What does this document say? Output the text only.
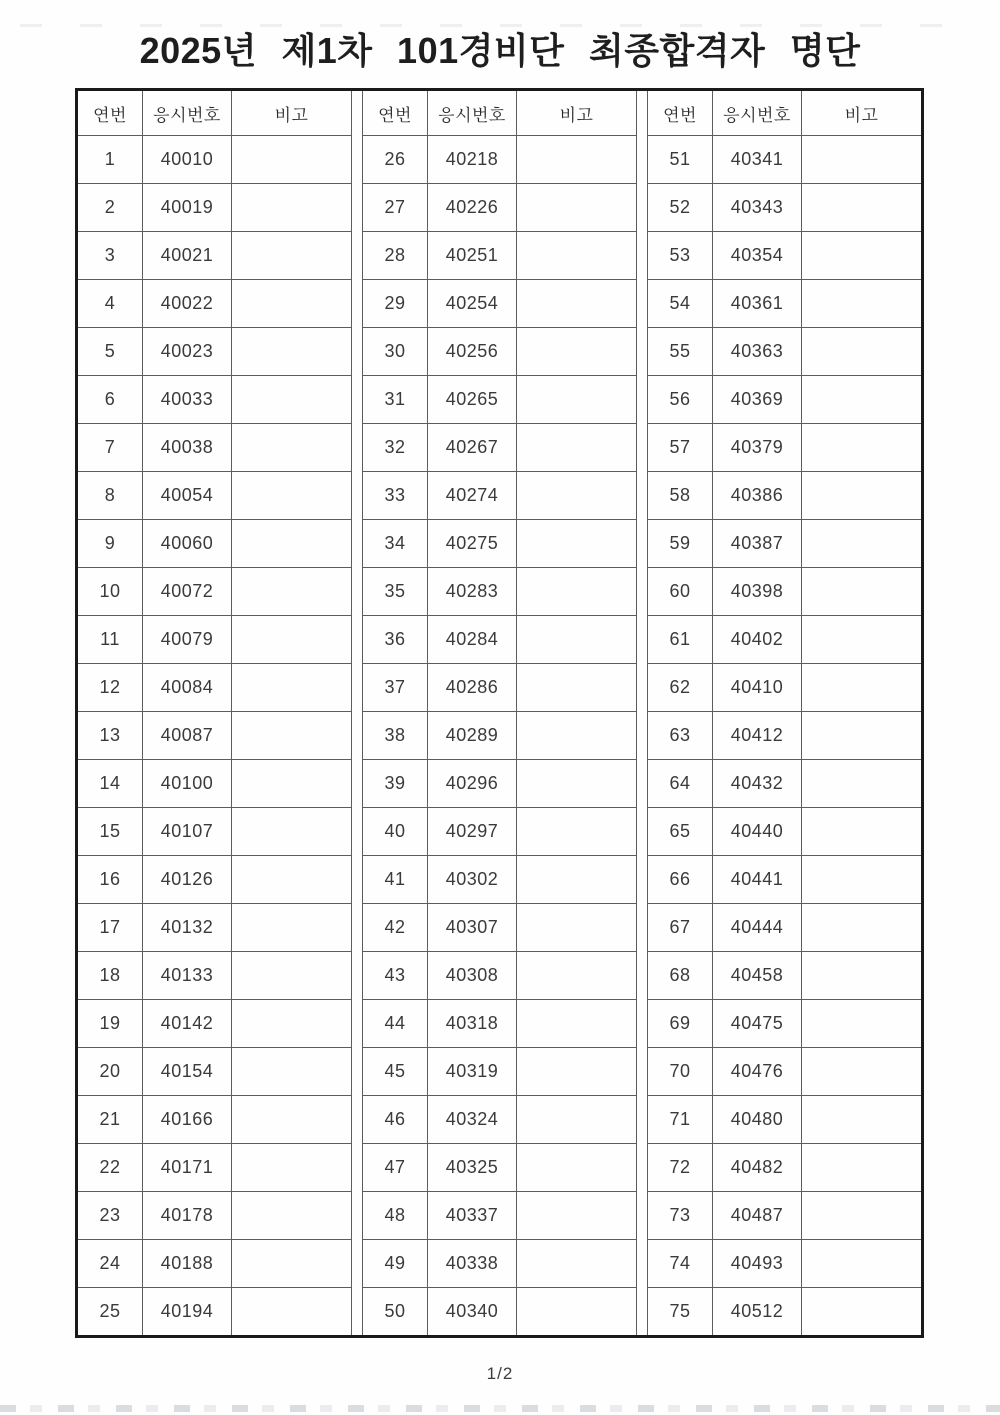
2025년 제1차 101경비단 최종합격자 명단
연번	응시번호	비고		연번	응시번호	비고		연번	응시번호	비고
1	40010			26	40218			51	40341	
2	40019			27	40226			52	40343	
3	40021			28	40251			53	40354	
4	40022			29	40254			54	40361	
5	40023			30	40256			55	40363	
6	40033			31	40265			56	40369	
7	40038			32	40267			57	40379	
8	40054			33	40274			58	40386	
9	40060			34	40275			59	40387	
10	40072			35	40283			60	40398	
11	40079			36	40284			61	40402	
12	40084			37	40286			62	40410	
13	40087			38	40289			63	40412	
14	40100			39	40296			64	40432	
15	40107			40	40297			65	40440	
16	40126			41	40302			66	40441	
17	40132			42	40307			67	40444	
18	40133			43	40308			68	40458	
19	40142			44	40318			69	40475	
20	40154			45	40319			70	40476	
21	40166			46	40324			71	40480	
22	40171			47	40325			72	40482	
23	40178			48	40337			73	40487	
24	40188			49	40338			74	40493	
25	40194			50	40340			75	40512	
1/2
